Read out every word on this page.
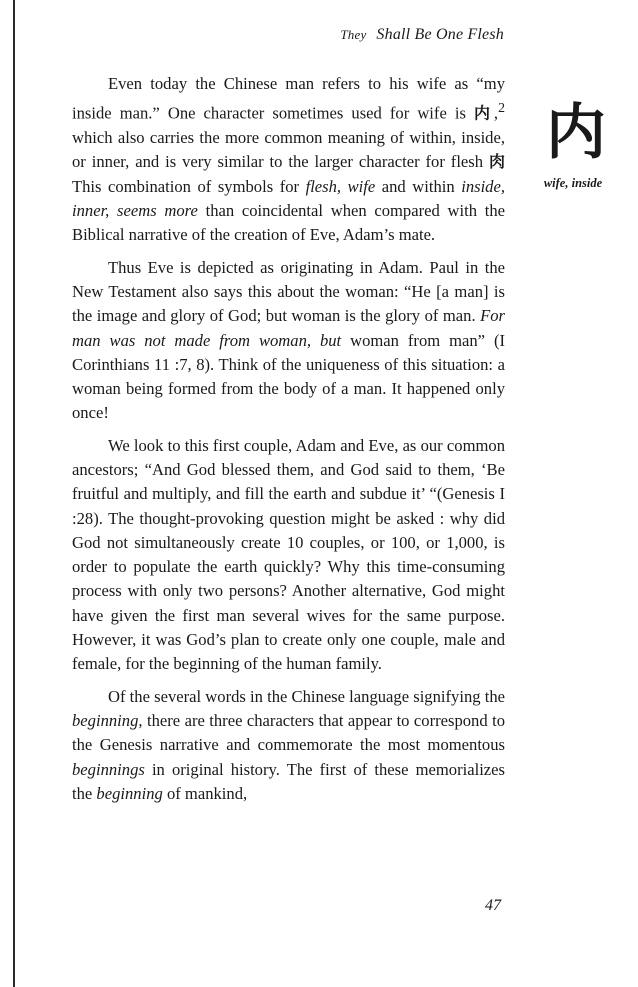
They Shall Be One Flesh

Even today the Chinese man refers to his wife as “my inside man.” One character sometimes used for wife is 内,$^2$ which also carries the more common meaning of within, inside, or inner, and is very similar to the larger character for flesh 肉 This combination of symbols for flesh, wife and within inside, inner, seems more than coincidental when compared with the Biblical narrative of the creation of Eve, Adam’s mate.

Thus Eve is depicted as originating in Adam. Paul in the New Testament also says this about the woman: “He [a man] is the image and glory of God; but woman is the glory of man. For man was not made from woman, but woman from man” (I Corinthians 11 :7, 8). Think of the uniqueness of this situation: a woman being formed from the body of a man. It happened only once!

We look to this first couple, Adam and Eve, as our common ancestors; “And God blessed them, and God said to them, ‘Be fruitful and multiply, and fill the earth and subdue it’ “(Genesis I :28). The thought-provoking question might be asked : why did God not simultaneously create 10 couples, or 100, or 1,000, is order to populate the earth quickly? Why this time-consuming process with only two persons? Another alternative, God might have given the first man several wives for the same purpose. However, it was God’s plan to create only one couple, male and female, for the beginning of the human family.

Of the several words in the Chinese language signifying the beginning, there are three characters that appear to correspond to the Genesis narrative and commemorate the most momentous beginnings in original history. The first of these memorializes the beginning of mankind,

内
wife, inside
47
